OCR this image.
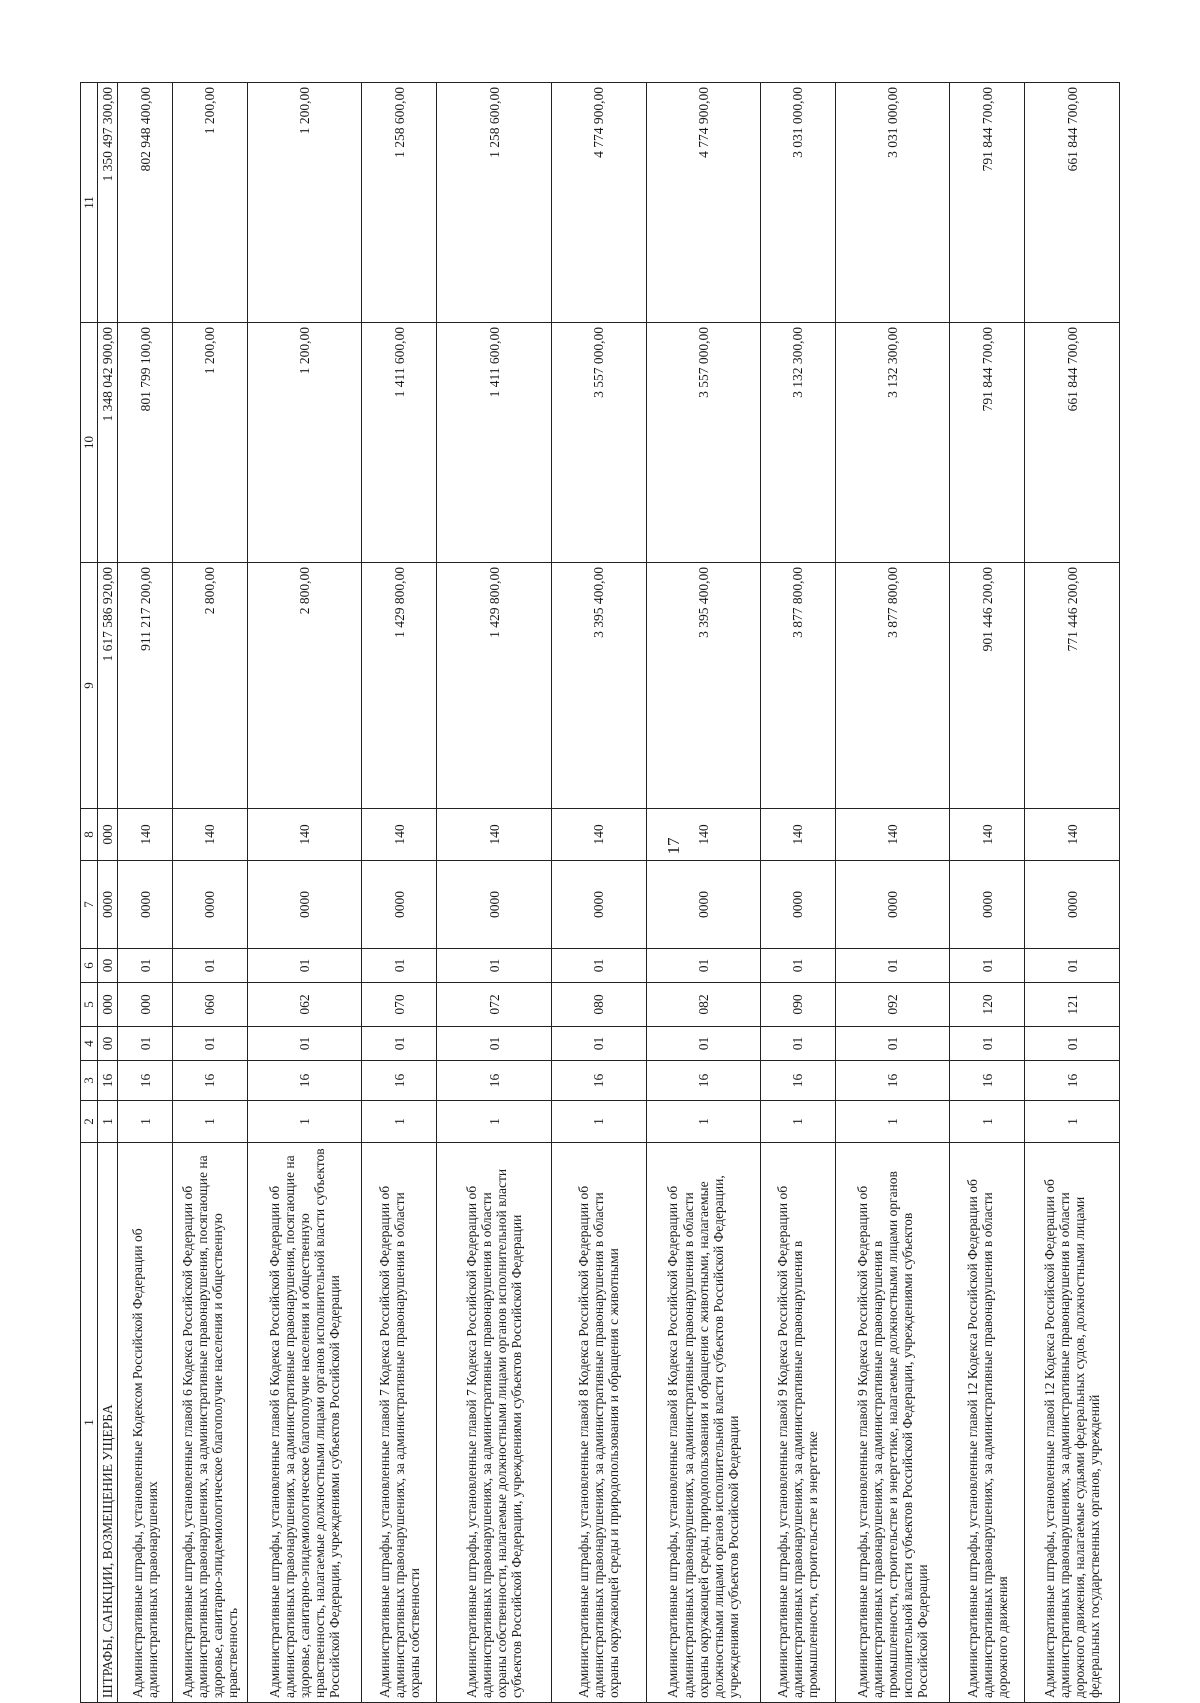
17
1	2	3	4	5	6	7	8	9	10	11
ШТРАФЫ, САНКЦИИ, ВОЗМЕЩЕНИЕ УЩЕРБА	1	16	00	000	00	0000	000	1 617 586 920,00	1 348 042 900,00	1 350 497 300,00
Административные штрафы, установленные Кодексом Российской Федерации об административных правонарушениях	1	16	01	000	01	0000	140	911 217 200,00	801 799 100,00	802 948 400,00
Административные штрафы, установленные главой 6 Кодекса Российской Федерации об административных правонарушениях, за административные правонарушения, посягающие на здоровье, санитарно-эпидемиологическое благополучие населения и общественную нравственность	1	16	01	060	01	0000	140	2 800,00	1 200,00	1 200,00
Административные штрафы, установленные главой 6 Кодекса Российской Федерации об административных правонарушениях, за административные правонарушения, посягающие на здоровье, санитарно-эпидемиологическое благополучие населения и общественную нравственность, налагаемые должностными лицами органов исполнительной власти субъектов Российской Федерации, учреждениями субъектов Российской Федерации	1	16	01	062	01	0000	140	2 800,00	1 200,00	1 200,00
Административные штрафы, установленные главой 7 Кодекса Российской Федерации об административных правонарушениях, за административные правонарушения в области охраны собственности	1	16	01	070	01	0000	140	1 429 800,00	1 411 600,00	1 258 600,00
Административные штрафы, установленные главой 7 Кодекса Российской Федерации об административных правонарушениях, за административные правонарушения в области охраны собственности, налагаемые должностными лицами органов исполнительной власти субъектов Российской Федерации, учреждениями субъектов Российской Федерации	1	16	01	072	01	0000	140	1 429 800,00	1 411 600,00	1 258 600,00
Административные штрафы, установленные главой 8 Кодекса Российской Федерации об административных правонарушениях, за административные правонарушения в области охраны окружающей среды и природопользования и обращения с животными	1	16	01	080	01	0000	140	3 395 400,00	3 557 000,00	4 774 900,00
Административные штрафы, установленные главой 8 Кодекса Российской Федерации об административных правонарушениях, за административные правонарушения в области охраны окружающей среды, природопользования и обращения с животными, налагаемые должностными лицами органов исполнительной власти субъектов Российской Федерации, учреждениями субъектов Российской Федерации	1	16	01	082	01	0000	140	3 395 400,00	3 557 000,00	4 774 900,00
Административные штрафы, установленные главой 9 Кодекса Российской Федерации об административных правонарушениях, за административные правонарушения в промышленности, строительстве и энергетике	1	16	01	090	01	0000	140	3 877 800,00	3 132 300,00	3 031 000,00
Административные штрафы, установленные главой 9 Кодекса Российской Федерации об административных правонарушениях, за административные правонарушения в промышленности, строительстве и энергетике, налагаемые должностными лицами органов исполнительной власти субъектов Российской Федерации, учреждениями субъектов Российской Федерации	1	16	01	092	01	0000	140	3 877 800,00	3 132 300,00	3 031 000,00
Административные штрафы, установленные главой 12 Кодекса Российской Федерации об административных правонарушениях, за административные правонарушения в области дорожного движения	1	16	01	120	01	0000	140	901 446 200,00	791 844 700,00	791 844 700,00
Административные штрафы, установленные главой 12 Кодекса Российской Федерации об административных правонарушениях, за административные правонарушения в области дорожного движения, налагаемые судьями федеральных судов, должностными лицами федеральных государственных органов, учреждений	1	16	01	121	01	0000	140	771 446 200,00	661 844 700,00	661 844 700,00
